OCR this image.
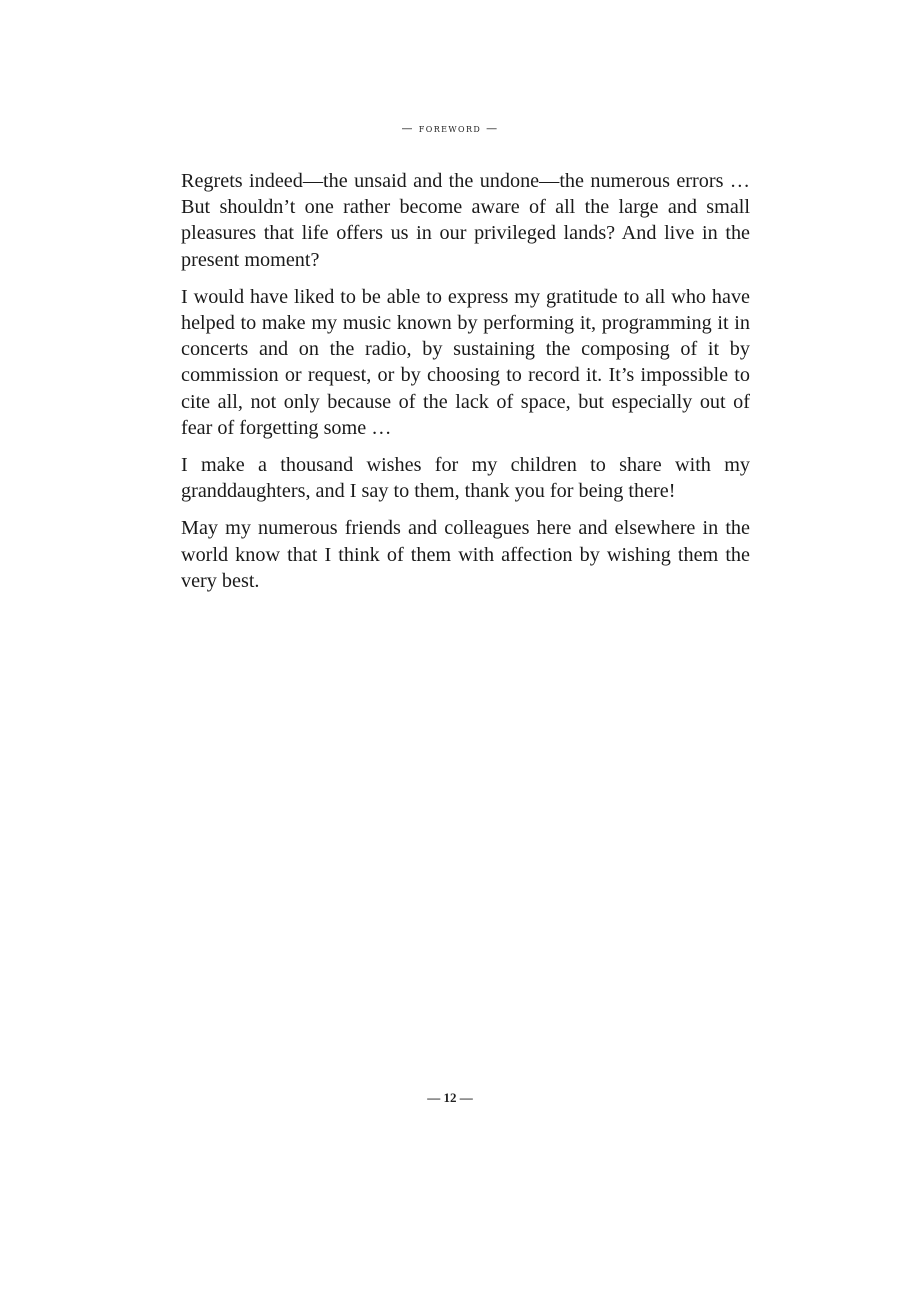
— foreword —

Regrets indeed—the unsaid and the undone—the numerous errors … But shouldn’t one rather become aware of all the large and small pleasures that life offers us in our privileged lands? And live in the present moment?

I would have liked to be able to express my gratitude to all who have helped to make my music known by performing it, programming it in concerts and on the radio, by sustaining the composing of it by commission or request, or by choosing to record it. It’s impossible to cite all, not only because of the lack of space, but especially out of fear of forgetting some …

I make a thousand wishes for my children to share with my granddaughters, and I say to them, thank you for being there!

May my numerous friends and colleagues here and elsewhere in the world know that I think of them with affection by wishing them the very best.

— 12 —
